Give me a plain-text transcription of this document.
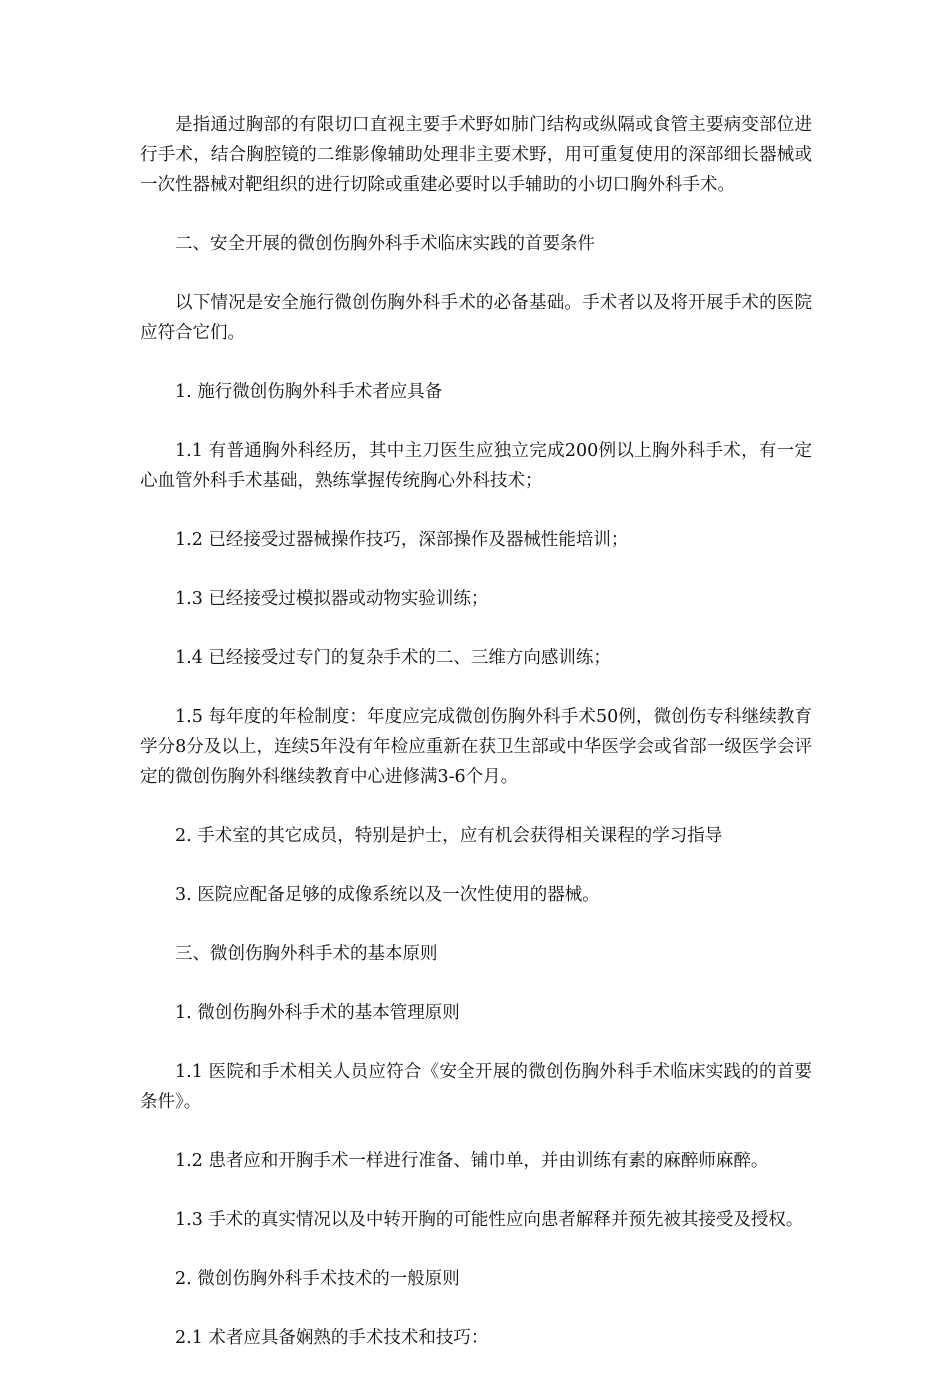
是指通过胸部的有限切口直视主要手术野如肺门结构或纵隔或食管主要病变部位进行手术，结合胸腔镜的二维影像辅助处理非主要术野，用可重复使用的深部细长器械或一次性器械对靶组织的进行切除或重建必要时以手辅助的小切口胸外科手术。

二、安全开展的微创伤胸外科手术临床实践的首要条件

以下情况是安全施行微创伤胸外科手术的必备基础。手术者以及将开展手术的医院应符合它们。

1. 施行微创伤胸外科手术者应具备

1.1 有普通胸外科经历，其中主刀医生应独立完成200例以上胸外科手术，有一定心血管外科手术基础，熟练掌握传统胸心外科技术；

1.2 已经接受过器械操作技巧，深部操作及器械性能培训；

1.3 已经接受过模拟器或动物实验训练；

1.4 已经接受过专门的复杂手术的二、三维方向感训练；

1.5 每年度的年检制度：年度应完成微创伤胸外科手术50例，微创伤专科继续教育学分8分及以上，连续5年没有年检应重新在获卫生部或中华医学会或省部一级医学会评定的微创伤胸外科继续教育中心进修满3-6个月。

2. 手术室的其它成员，特别是护士，应有机会获得相关课程的学习指导

3. 医院应配备足够的成像系统以及一次性使用的器械。

三、微创伤胸外科手术的基本原则

1. 微创伤胸外科手术的基本管理原则

1.1 医院和手术相关人员应符合《安全开展的微创伤胸外科手术临床实践的的首要条件》。

1.2 患者应和开胸手术一样进行准备、铺巾单，并由训练有素的麻醉师麻醉。

1.3 手术的真实情况以及中转开胸的可能性应向患者解释并预先被其接受及授权。

2. 微创伤胸外科手术技术的一般原则

2.1 术者应具备娴熟的手术技术和技巧：
